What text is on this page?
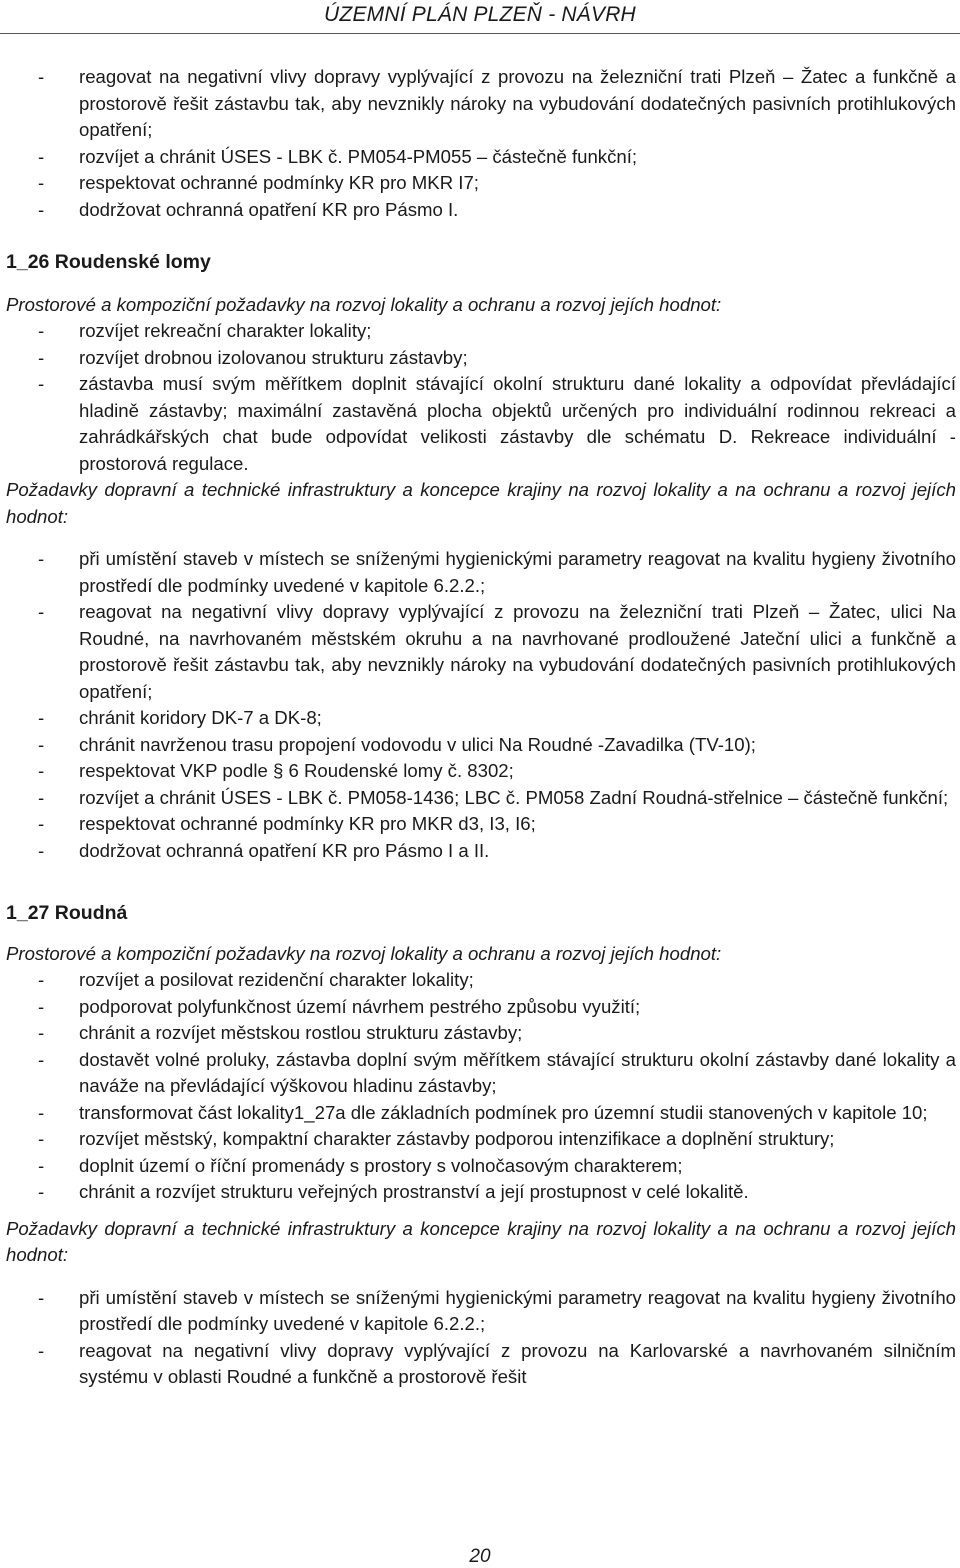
ÚZEMNÍ PLÁN PLZEŇ - NÁVRH
- reagovat na negativní vlivy dopravy vyplývající z provozu na železniční trati Plzeň – Žatec a funkčně a prostorově řešit zástavbu tak, aby nevznikly nároky na vybudování dodatečných pasivních protihlukových opatření;
- rozvíjet a chránit ÚSES - LBK č. PM054-PM055 – částečně funkční;
- respektovat ochranné podmínky KR pro MKR I7;
- dodržovat ochranná opatření KR pro Pásmo I.

1_26 Roudenské lomy

Prostorové a kompoziční požadavky na rozvoj lokality a ochranu a rozvoj jejích hodnot:

- rozvíjet rekreační charakter lokality;
- rozvíjet drobnou izolovanou strukturu zástavby;
- zástavba musí svým měřítkem doplnit stávající okolní strukturu dané lokality a odpovídat převládající hladině zástavby; maximální zastavěná plocha objektů určených pro individuální rodinnou rekreaci a zahrádkářských chat bude odpovídat velikosti zástavby dle schématu D. Rekreace individuální - prostorová regulace.

Požadavky dopravní a technické infrastruktury a koncepce krajiny na rozvoj lokality a na ochranu a rozvoj jejích hodnot:

- při umístění staveb v místech se sníženými hygienickými parametry reagovat na kvalitu hygieny životního prostředí dle podmínky uvedené v kapitole 6.2.2.;
- reagovat na negativní vlivy dopravy vyplývající z provozu na železniční trati Plzeň – Žatec, ulici Na Roudné, na navrhovaném městském okruhu a na navrhované prodloužené Jateční ulici a funkčně a prostorově řešit zástavbu tak, aby nevznikly nároky na vybudování dodatečných pasivních protihlukových opatření;
- chránit koridory DK-7 a DK-8;
- chránit navrženou trasu propojení vodovodu v ulici Na Roudné -Zavadilka (TV-10);
- respektovat VKP podle § 6 Roudenské lomy č. 8302;
- rozvíjet a chránit ÚSES - LBK č. PM058-1436; LBC č. PM058 Zadní Roudná-střelnice – částečně funkční;
- respektovat ochranné podmínky KR pro MKR d3, I3, I6;
- dodržovat ochranná opatření KR pro Pásmo I a II.

1_27 Roudná

Prostorové a kompoziční požadavky na rozvoj lokality a ochranu a rozvoj jejích hodnot:

- rozvíjet a posilovat rezidenční charakter lokality;
- podporovat polyfunkčnost území návrhem pestrého způsobu využití;
- chránit a rozvíjet městskou rostlou strukturu zástavby;
- dostavět volné proluky, zástavba doplní svým měřítkem stávající strukturu okolní zástavby dané lokality a naváže na převládající výškovou hladinu zástavby;
- transformovat část lokality1_27a dle základních podmínek pro územní studii stanovených v kapitole 10;
- rozvíjet městský, kompaktní charakter zástavby podporou intenzifikace a doplnění struktury;
- doplnit území o říční promenády s prostory s volnočasovým charakterem;
- chránit a rozvíjet strukturu veřejných prostranství a její prostupnost v celé lokalitě.

Požadavky dopravní a technické infrastruktury a koncepce krajiny na rozvoj lokality a na ochranu a rozvoj jejích hodnot:

- při umístění staveb v místech se sníženými hygienickými parametry reagovat na kvalitu hygieny životního prostředí dle podmínky uvedené v kapitole 6.2.2.;
- reagovat na negativní vlivy dopravy vyplývající z provozu na Karlovarské a navrhovaném silničním systému v oblasti Roudné a funkčně a prostorově řešit
20
